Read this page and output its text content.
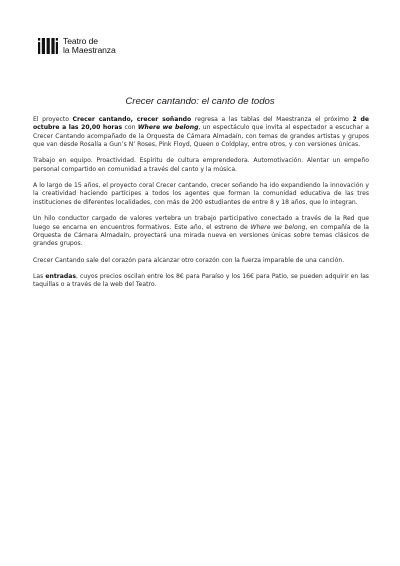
Teatro de
la Maestranza
Crecer cantando: el canto de todos

El proyecto Crecer cantando, crecer soñando regresa a las tablas del Maestranza el próximo 2 de octubre a las 20,00 horas con Where we belong, un espectáculo que invita al espectador a escuchar a Crecer Cantando acompañado de la Orquesta de Cámara Almadaín, con temas de grandes artistas y grupos que van desde Rosalía a Gun’s N’ Roses, Pink Floyd, Queen o Coldplay, entre otros, y con versiones únicas.

Trabajo en equipo. Proactividad. Espíritu de cultura emprendedora. Automotivación. Alentar un empeño personal compartido en comunidad a través del canto y la música.

A lo largo de 15 años, el proyecto coral Crecer cantando, crecer soñando ha ido expandiendo la innovación y la creatividad haciendo partícipes a todos los agentes que forman la comunidad educativa de las tres instituciones de diferentes localidades, con más de 200 estudiantes de entre 8 y 18 años, que lo integran.

Un hilo conductor cargado de valores vertebra un trabajo participativo conectado a través de la Red que luego se encarna en encuentros formativos. Este año, el estreno de Where we belong, en compañía de la Orquesta de Cámara Almadaín, proyectará una mirada nueva en versiones únicas sobre temas clásicos de grandes grupos.

Crecer Cantando sale del corazón para alcanzar otro corazón con la fuerza imparable de una canción.

Las entradas, cuyos precios oscilan entre los 8€ para Paraíso y los 16€ para Patio, se pueden adquirir en las taquillas o a través de la web del Teatro.
